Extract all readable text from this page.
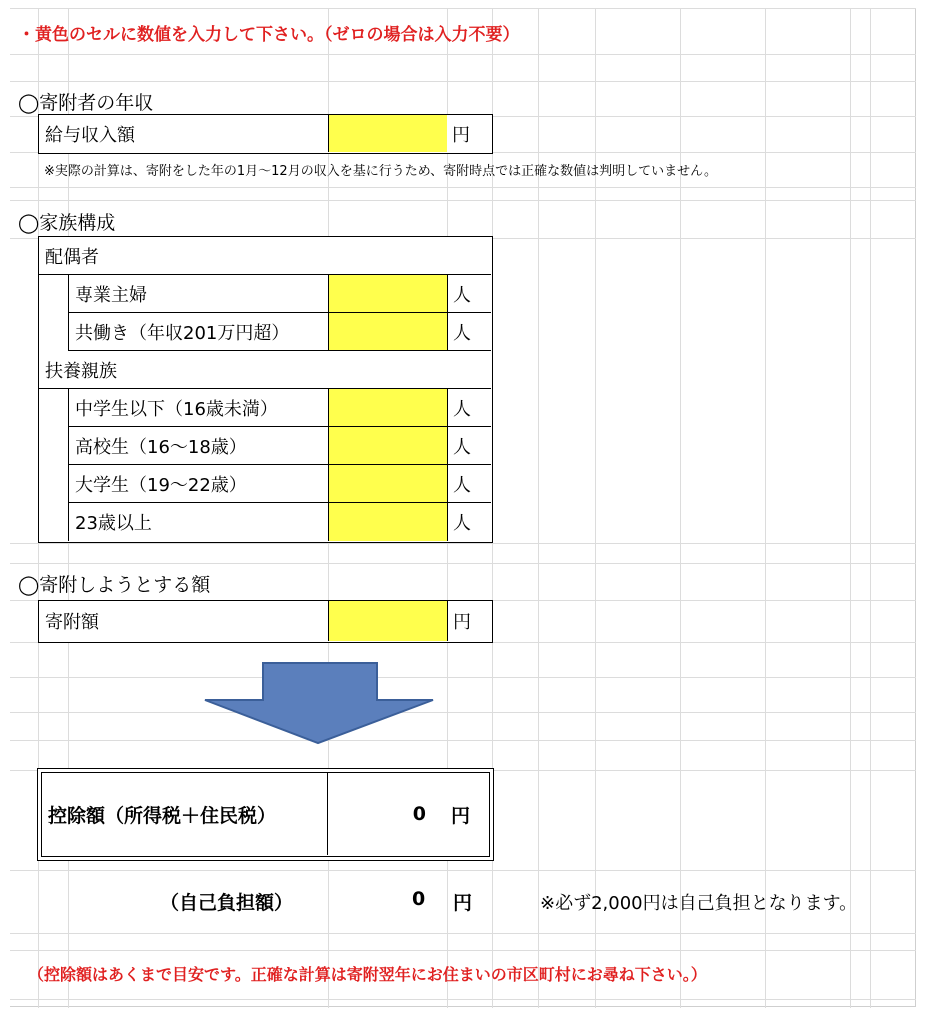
・黄色のセルに数値を入力して下さい。（ゼロの場合は入力不要）
◯寄附者の年収
給与収入額	円
※実際の計算は、寄附をした年の1月～12月の収入を基に行うため、寄附時点では正確な数値は判明していません。
◯家族構成
配偶者
専業主婦	人
共働き（年収201万円超）	人
扶養親族
中学生以下（16歳未満）	人
高校生（16～18歳）	人
大学生（19～22歳）	人
23歳以上	人
◯寄附しようとする額
寄附額	円
控除額（所得税＋住民税）	0	円
（自己負担額）	0 円	※必ず2,000円は自己負担となります。
（控除額はあくまで目安です。正確な計算は寄附翌年にお住まいの市区町村にお尋ね下さい。）
